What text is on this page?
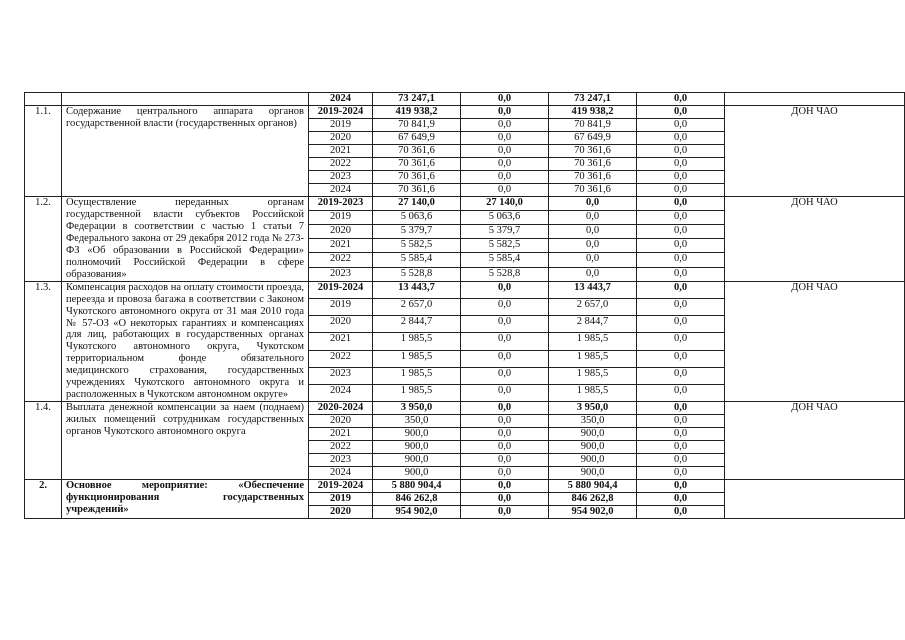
		2024	73 247,1	0,0	73 247,1	0,0	
1.1.	Содержание центрального аппарата органов государственной власти (государственных органов)	2019-2024	419 938,2	0,0	419 938,2	0,0	ДОН ЧАО
		2019	70 841,9	0,0	70 841,9	0,0	
		2020	67 649,9	0,0	67 649,9	0,0	
		2021	70 361,6	0,0	70 361,6	0,0	
		2022	70 361,6	0,0	70 361,6	0,0	
		2023	70 361,6	0,0	70 361,6	0,0	
		2024	70 361,6	0,0	70 361,6	0,0	
1.2.	Осуществление переданных органам государственной власти субъектов Российской Федерации в соответствии с частью 1 статьи 7 Федерального закона от 29 декабря 2012 года № 273-ФЗ «Об образовании в Российской Федерации» полномочий Российской Федерации в сфере образования»	2019-2023	27 140,0	27 140,0	0,0	0,0	ДОН ЧАО
		2019	5 063,6	5 063,6	0,0	0,0	
		2020	5 379,7	5 379,7	0,0	0,0	
		2021	5 582,5	5 582,5	0,0	0,0	
		2022	5 585,4	5 585,4	0,0	0,0	
		2023	5 528,8	5 528,8	0,0	0,0	
1.3.	Компенсация расходов на оплату стоимости проезда, переезда и провоза багажа в соответствии с Законом Чукотского автономного округа от 31 мая 2010 года № 57-ОЗ «О некоторых гарантиях и компенсациях для лиц, работающих в государственных органах Чукотского автономного округа, Чукотском территориальном фонде обязательного медицинского страхования, государственных учреждениях Чукотского автономного округа и расположенных в Чукотском автономном округе»	2019-2024	13 443,7	0,0	13 443,7	0,0	ДОН ЧАО
		2019	2 657,0	0,0	2 657,0	0,0	
		2020	2 844,7	0,0	2 844,7	0,0	
		2021	1 985,5	0,0	1 985,5	0,0	
		2022	1 985,5	0,0	1 985,5	0,0	
		2023	1 985,5	0,0	1 985,5	0,0	
		2024	1 985,5	0,0	1 985,5	0,0	
1.4.	Выплата денежной компенсации за наем (поднаем) жилых помещений сотрудникам государственных органов Чукотского автономного округа	2020-2024	3 950,0	0,0	3 950,0	0,0	ДОН ЧАО
		2020	350,0	0,0	350,0	0,0	
		2021	900,0	0,0	900,0	0,0	
		2022	900,0	0,0	900,0	0,0	
		2023	900,0	0,0	900,0	0,0	
		2024	900,0	0,0	900,0	0,0	
2.	Основное мероприятие: «Обеспечение функционирования государственных учреждений»	2019-2024	5 880 904,4	0,0	5 880 904,4	0,0	
		2019	846 262,8	0,0	846 262,8	0,0	
		2020	954 902,0	0,0	954 902,0	0,0	
